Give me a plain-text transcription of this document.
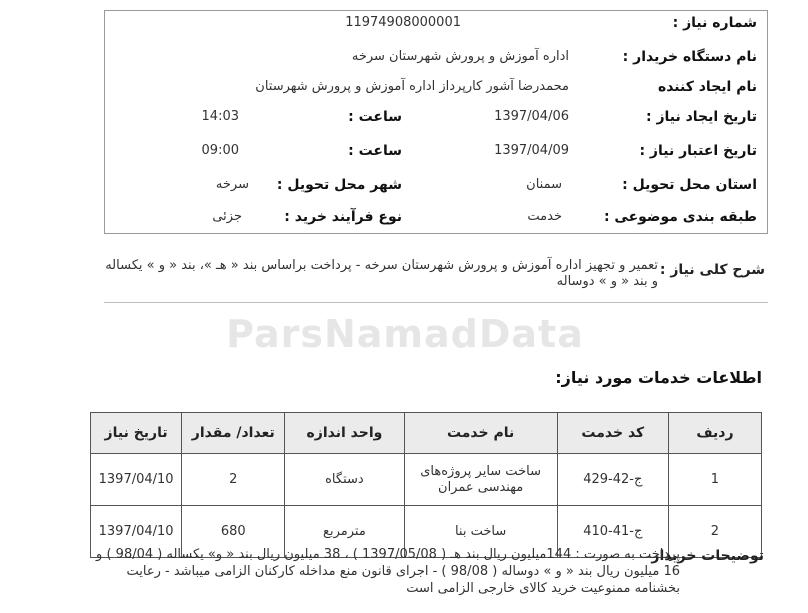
ParsNamadData
شماره نیاز :
11974908000001
نام دستگاه خریدار :
اداره آموزش و پرورش شهرستان سرخه
نام ایجاد کننده
محمدرضا آشور کارپرداز اداره آموزش و پرورش شهرستان
تاریخ ایجاد نیاز :
1397/04/06
ساعت :
14:03
تاریخ اعتبار نیاز :
1397/04/09
ساعت :
09:00
استان محل تحویل :
سمنان
شهر محل تحویل :
سرخه
طبقه بندی موضوعی :
خدمت
نوع فرآیند خرید :
جزئی
شرح کلی نیاز :
تعمیر و تجهیز اداره آموزش و پرورش شهرستان سرخه - پرداخت براساس بند « هـ »، بند « و » یکساله و بند « و » دوساله
اطلاعات خدمات مورد نیاز:
ردیف	کد خدمت	نام خدمت	واحد اندازه	تعداد/ مقدار	تاریخ نیاز
1	ج-42-429	ساخت سایر پروژه‌های مهندسی عمران	دستگاه	2	1397/04/10
2	ج-41-410	ساخت بنا	مترمربع	680	1397/04/10
توضیحات خریدار
پرداخت به صورت : 144میلیون ریال بند هـ ( 1397/05/08 ) ، 38 میلیون ریال بند « و» یکساله ( 98/04 ) و 16 میلیون ریال بند « و » دوساله ( 98/08 ) - اجرای قانون منع مداخله کارکنان الزامی میباشد - رعایت بخشنامه ممنوعیت خرید کالای خارجی الزامی است
